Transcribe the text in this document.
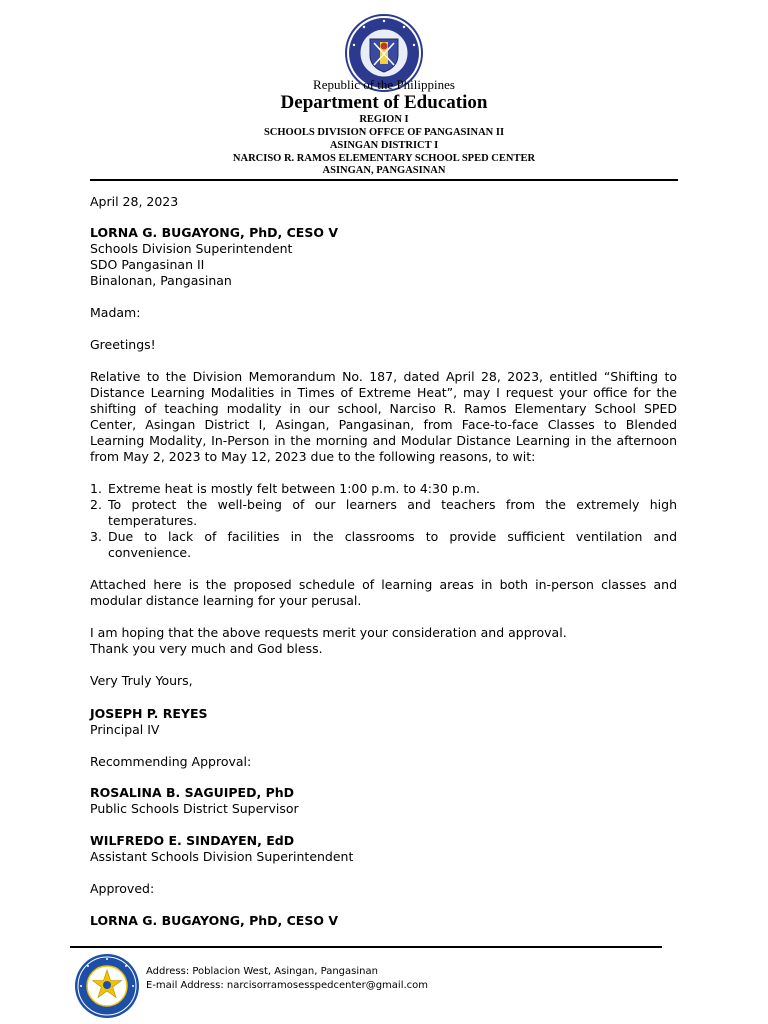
Republic of the Philippines
Department of Education
REGION I
SCHOOLS DIVISION OFFCE OF PANGASINAN II
ASINGAN DISTRICT I
NARCISO R. RAMOS ELEMENTARY SCHOOL SPED CENTER
ASINGAN, PANGASINAN
April 28, 2023
LORNA G. BUGAYONG, PhD, CESO V
Schools Division Superintendent
SDO Pangasinan II
Binalonan, Pangasinan
Madam:
Greetings!
Relative to the Division Memorandum No. 187, dated April 28, 2023, entitled “Shifting to Distance Learning Modalities in Times of Extreme Heat”, may I request your office for the shifting of teaching modality in our school, Narciso R. Ramos Elementary School SPED Center, Asingan District I, Asingan, Pangasinan, from Face-to-face Classes to Blended Learning Modality, In-Person in the morning and Modular Distance Learning in the afternoon from May 2, 2023 to May 12, 2023 due to the following reasons, to wit:
1. Extreme heat is mostly felt between 1:00 p.m. to 4:30 p.m.
2. To protect the well-being of our learners and teachers from the extremely high temperatures.
3. Due to lack of facilities in the classrooms to provide sufficient ventilation and convenience.
Attached here is the proposed schedule of learning areas in both in-person classes and modular distance learning for your perusal.
I am hoping that the above requests merit your consideration and approval.
Thank you very much and God bless.
Very Truly Yours,
JOSEPH P. REYES
Principal IV
Recommending Approval:
ROSALINA B. SAGUIPED, PhD
Public Schools District Supervisor
WILFREDO E. SINDAYEN, EdD
Assistant Schools Division Superintendent
Approved:
LORNA G. BUGAYONG, PhD, CESO V
Address: Poblacion West, Asingan, Pangasinan
E-mail Address: narcisorramosesspedcenter@gmail.com
